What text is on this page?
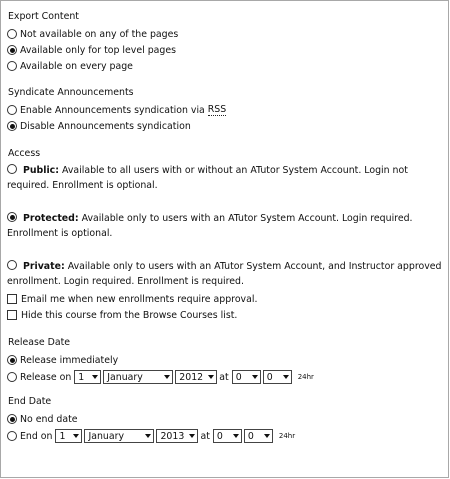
Export Content
Not available on any of the pages
Available only for top level pages
Available on every page
Syndicate Announcements
Enable Announcements syndication via
RSS
Disable Announcements syndication
Access
Public: Available to all users with or without an ATutor System Account. Login not required. Enrollment is optional.
Protected: Available only to users with an ATutor System Account. Login required. Enrollment is optional.
Private: Available only to users with an ATutor System Account, and Instructor approved enrollment. Login required. Enrollment is required.
Email me when new enrollments require approval.
Hide this course from the Browse Courses list.
Release Date
Release immediately
Release on
1 January	2012 at
0	0	24hr
End Date
No end date
End on
1 January	2013 at
0	0	24hr
